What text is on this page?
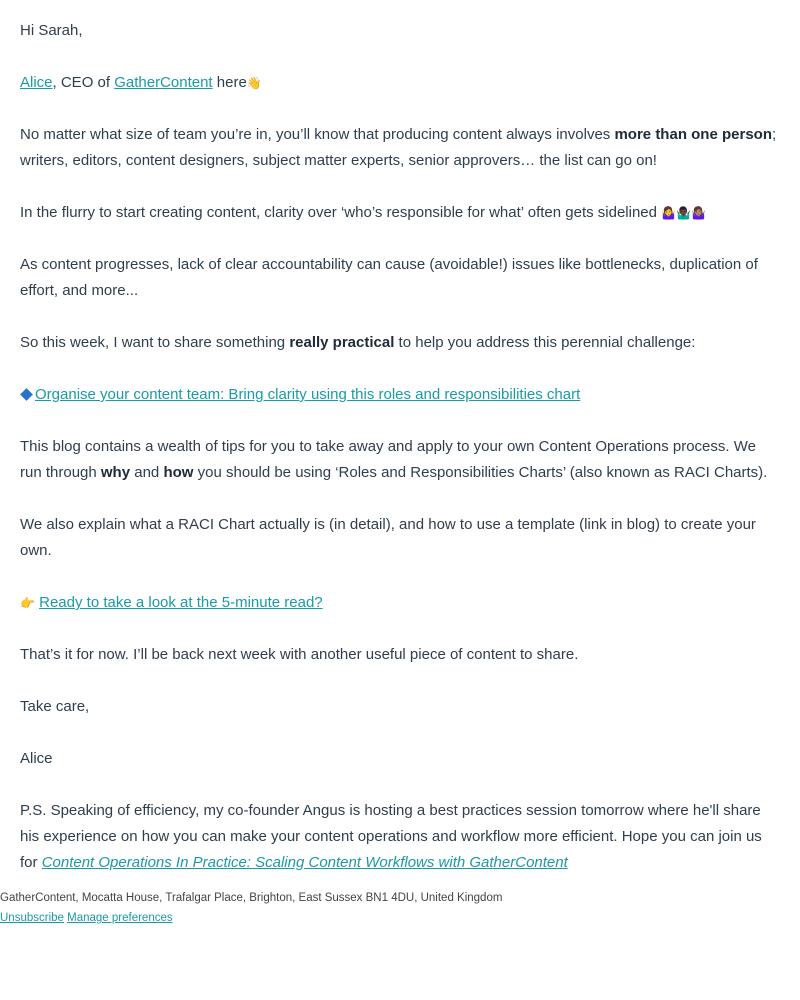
Hi Sarah,

Alice, CEO of GatherContent here👋

No matter what size of team you’re in, you’ll know that producing content always involves more than one person; writers, editors, content designers, subject matter experts, senior approvers… the list can go on!

In the flurry to start creating content, clarity over ‘who’s responsible for what’ often gets sidelined 🤷‍♀️🤷🏿‍♂️🤷🏽‍♀️

As content progresses, lack of clear accountability can cause (avoidable!) issues like bottlenecks, duplication of effort, and more...

So this week, I want to share something really practical to help you address this perennial challenge:

Organise your content team: Bring clarity using this roles and responsibilities chart

This blog contains a wealth of tips for you to take away and apply to your own Content Operations process. We run through why and how you should be using ‘Roles and Responsibilities Charts’ (also known as RACI Charts).

We also explain what a RACI Chart actually is (in detail), and how to use a template (link in blog) to create your own.

👉 Ready to take a look at the 5-minute read?

That’s it for now. I’ll be back next week with another useful piece of content to share.

Take care,

Alice

P.S. Speaking of efficiency, my co-founder Angus is hosting a best practices session tomorrow where he'll share his experience on how you can make your content operations and workflow more efficient. Hope you can join us for Content Operations In Practice: Scaling Content Workflows with GatherContent

GatherContent, Mocatta House, Trafalgar Place, Brighton, East Sussex BN1 4DU, United Kingdom
Unsubscribe Manage preferences
